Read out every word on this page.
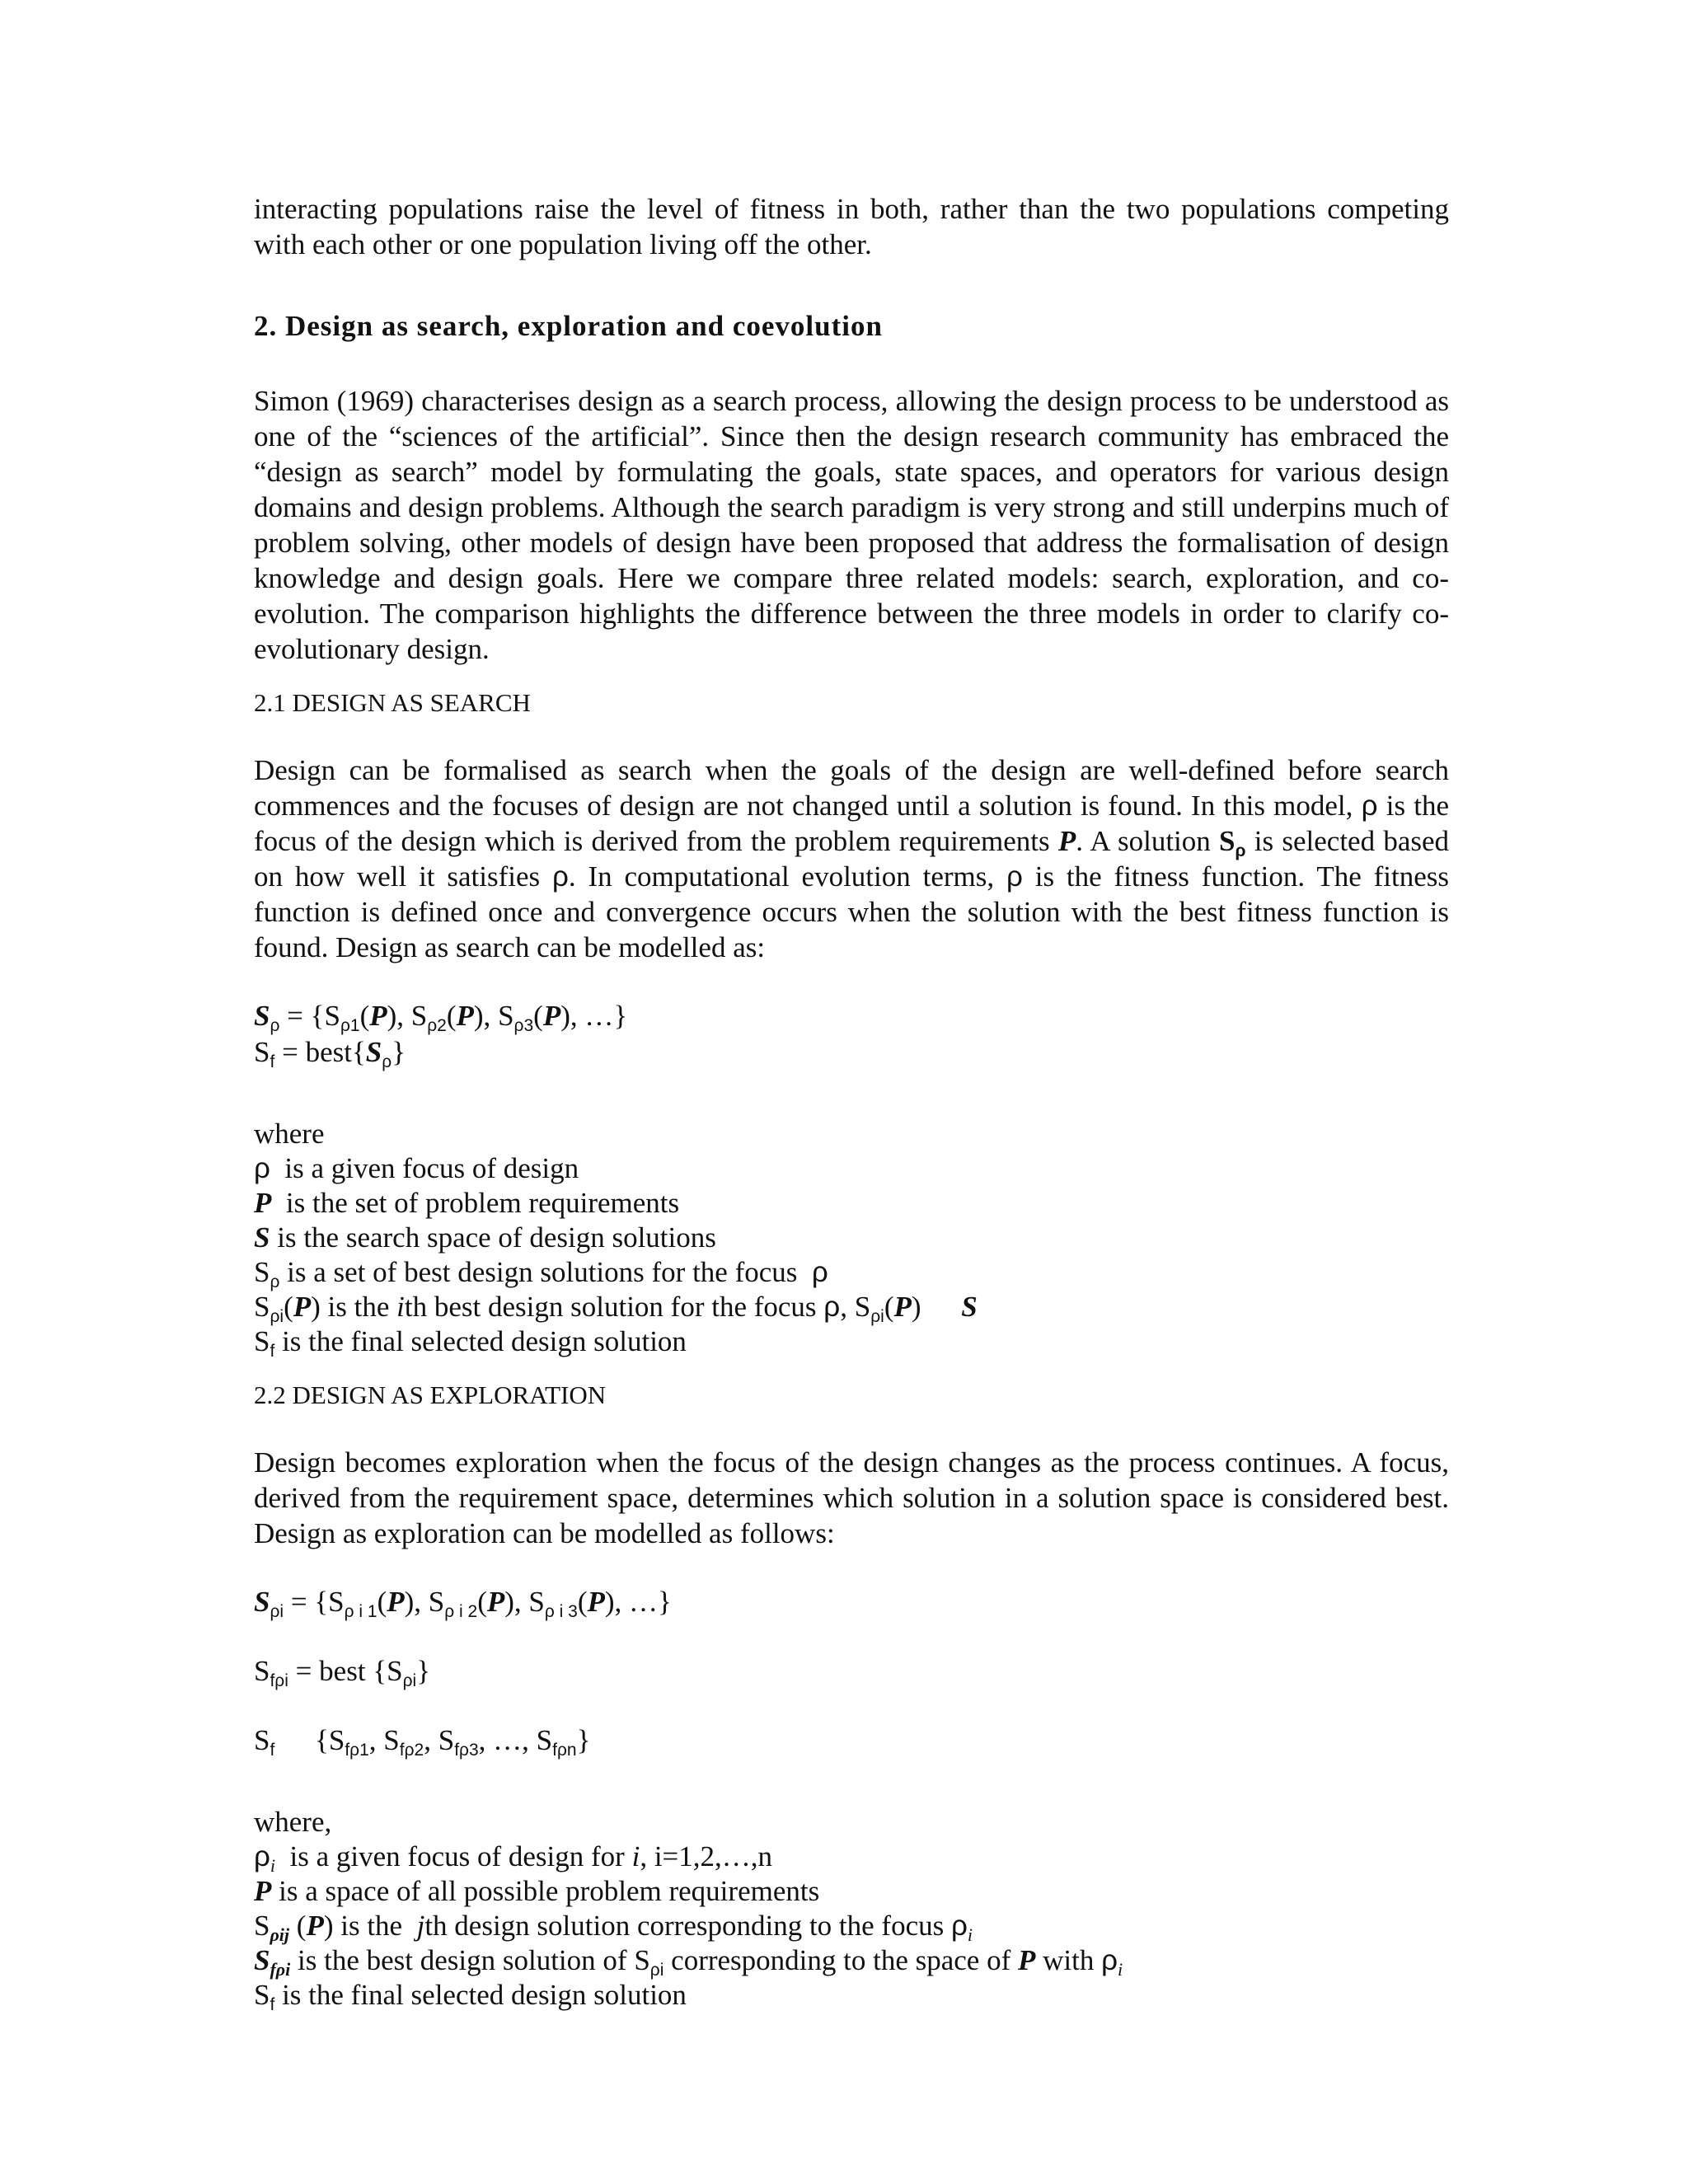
interacting populations raise the level of fitness in both, rather than the two populations competing with each other or one population living off the other.

2. Design as search, exploration and coevolution

Simon (1969) characterises design as a search process, allowing the design process to be understood as one of the “sciences of the artificial”. Since then the design research community has embraced the “design as search” model by formulating the goals, state spaces, and operators for various design domains and design problems. Although the search paradigm is very strong and still underpins much of problem solving, other models of design have been proposed that address the formalisation of design knowledge and design goals. Here we compare three related models: search, exploration, and co-evolution. The comparison highlights the difference between the three models in order to clarify co-evolutionary design.

2.1 DESIGN AS SEARCH

Design can be formalised as search when the goals of the design are well-defined before search commences and the focuses of design are not changed until a solution is found. In this model, ρ is the focus of the design which is derived from the problem requirements P. A solution $S_\rho$ is selected based on how well it satisfies ρ. In computational evolution terms, ρ is the fitness function. The fitness function is defined once and convergence occurs when the solution with the best fitness function is found. Design as search can be modelled as:

$S_\rho = \{S_{\rho 1}(P)$, $S_{\rho 2}(P)$, $S_{\rho 3}(P)$, …}
$S_f$ = $best\{S_\rho\}$
where
ρ is a given focus of design
P is the set of problem requirements
S is the search space of design solutions
$S_\rho$ is a set of best design solutions for the focus ρ
$S_{\rho i}(P)$ is the ith best design solution for the focus ρ, $S_{\rho i}(P)$ S
$S_f$ is the final selected design solution
2.2 DESIGN AS EXPLORATION

Design becomes exploration when the focus of the design changes as the process continues. A focus, derived from the requirement space, determines which solution in a solution space is considered best. Design as exploration can be modelled as follows:

$S_{\rho i} = \{S_{\rho i 1}(P)$, $S_{\rho i 2}(P)$, $S_{\rho i 3}(P)$, …}
$S_{f\rho i}$ = best $\{S_{\rho i}\}$
$S_f$ {$S_{f\rho 1}$, $S_{f\rho 2}$, $S_{f\rho 3}$, …, $S_{f\rho n}$}
where,
$\rho_i$ is a given focus of design for i, i=1,2,…,n
P is a space of all possible problem requirements
$S_{\rho ij}$ (P) is the jth design solution corresponding to the focus $\rho_i$
$S_{f\rho i}$ is the best design solution of $S_{\rho i}$ corresponding to the space of P with $\rho_i$
$S_f$ is the final selected design solution
